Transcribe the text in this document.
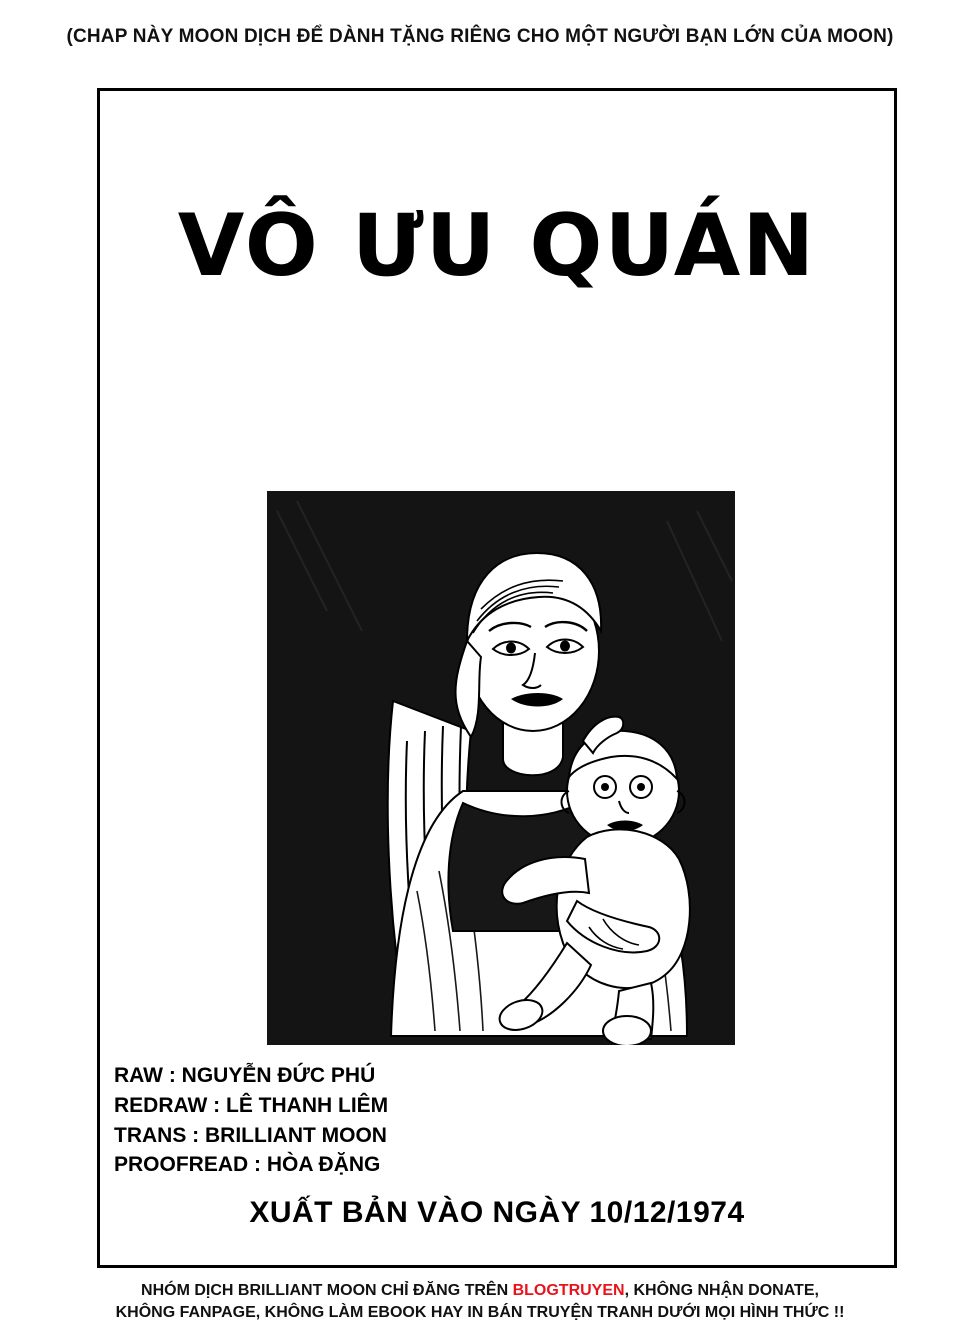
(CHAP NÀY MOON DỊCH ĐỂ DÀNH TẶNG RIÊNG CHO MỘT NGƯỜI BẠN LỚN CỦA MOON)
VÔ ƯU QUÁN
RAW : NGUYỄN ĐỨC PHÚ
REDRAW : LÊ THANH LIÊM
TRANS : BRILLIANT MOON
PROOFREAD : HÒA ĐẶNG
XUẤT BẢN VÀO NGÀY 10/12/1974
NHÓM DỊCH BRILLIANT MOON CHỈ ĐĂNG TRÊN BLOGTRUYEN, KHÔNG NHẬN DONATE,
KHÔNG FANPAGE, KHÔNG LÀM EBOOK HAY IN BÁN TRUYỆN TRANH DƯỚI MỌI HÌNH THỨC !!
